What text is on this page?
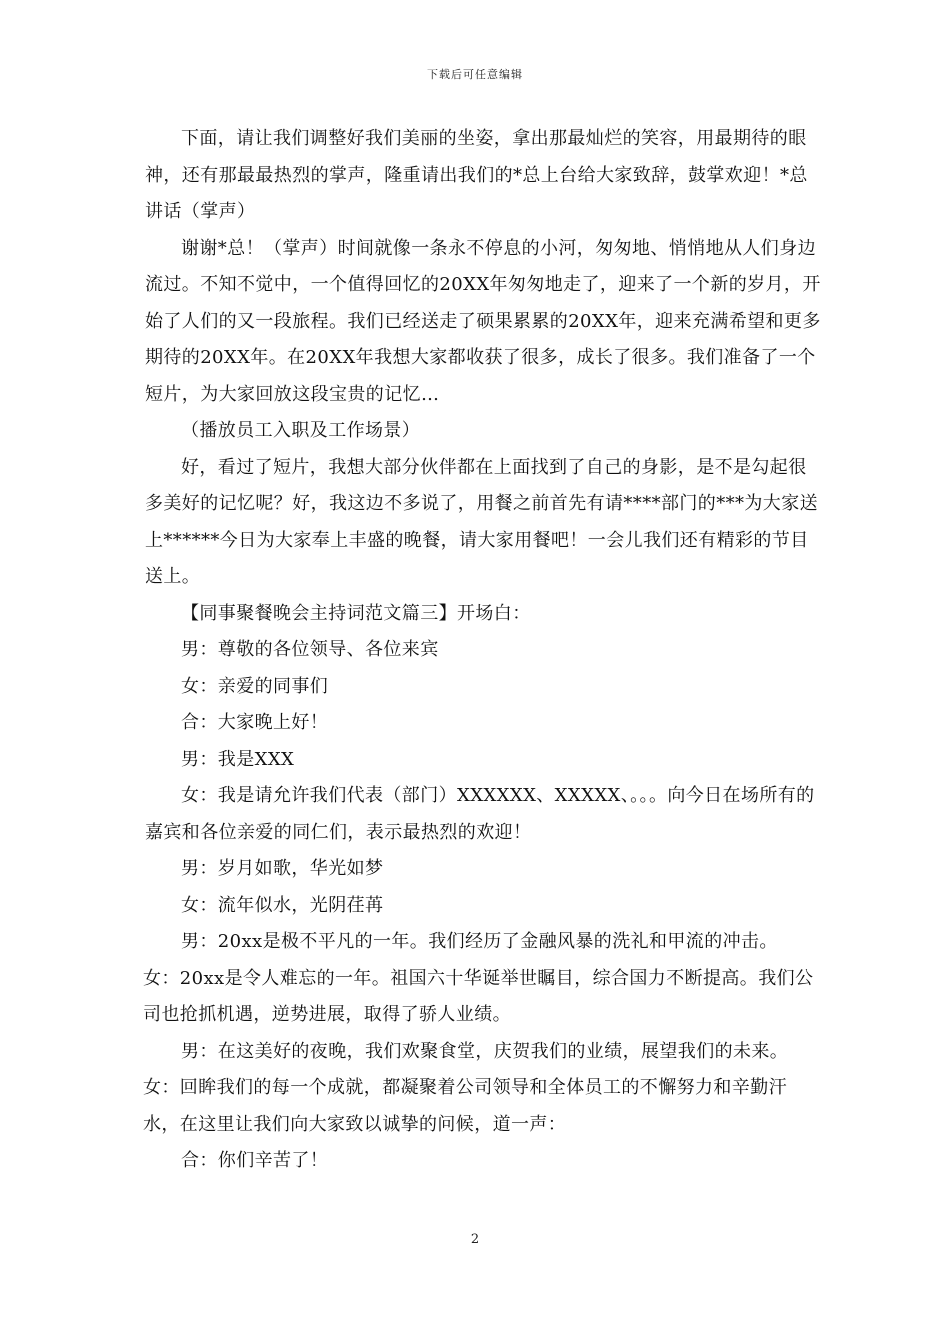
下载后可任意编辑

下面，请让我们调整好我们美丽的坐姿，拿出那最灿烂的笑容，用最期待的眼神，还有那最最热烈的掌声，隆重请出我们的*总上台给大家致辞，鼓掌欢迎！*总讲话（掌声）

谢谢*总！（掌声）时间就像一条永不停息的小河，匆匆地、悄悄地从人们身边流过。不知不觉中，一个值得回忆的20XX年匆匆地走了，迎来了一个新的岁月，开始了人们的又一段旅程。我们已经送走了硕果累累的20XX年，迎来充满希望和更多期待的20XX年。在20XX年我想大家都收获了很多，成长了很多。我们准备了一个短片，为大家回放这段宝贵的记忆…

（播放员工入职及工作场景）

好，看过了短片，我想大部分伙伴都在上面找到了自己的身影，是不是勾起很多美好的记忆呢？好，我这边不多说了，用餐之前首先有请****部门的***为大家送上******今日为大家奉上丰盛的晚餐，请大家用餐吧！一会儿我们还有精彩的节目送上。

【同事聚餐晚会主持词范文篇三】开场白：

男：尊敬的各位领导、各位来宾

女：亲爱的同事们

合：大家晚上好！

男：我是XXX

女：我是请允许我们代表（部门）XXXXXX、XXXXX、。。。向今日在场所有的嘉宾和各位亲爱的同仁们，表示最热烈的欢迎！

男：岁月如歌，华光如梦

女：流年似水，光阴荏苒

男：20xx是极不平凡的一年。我们经历了金融风暴的洗礼和甲流的冲击。

女：20xx是令人难忘的一年。祖国六十华诞举世瞩目，综合国力不断提高。我们公司也抢抓机遇，逆势进展，取得了骄人业绩。

男：在这美好的夜晚，我们欢聚食堂，庆贺我们的业绩，展望我们的未来。

女：回眸我们的每一个成就，都凝聚着公司领导和全体员工的不懈努力和辛勤汗水，在这里让我们向大家致以诚挚的问候，道一声：

合：你们辛苦了！

2
